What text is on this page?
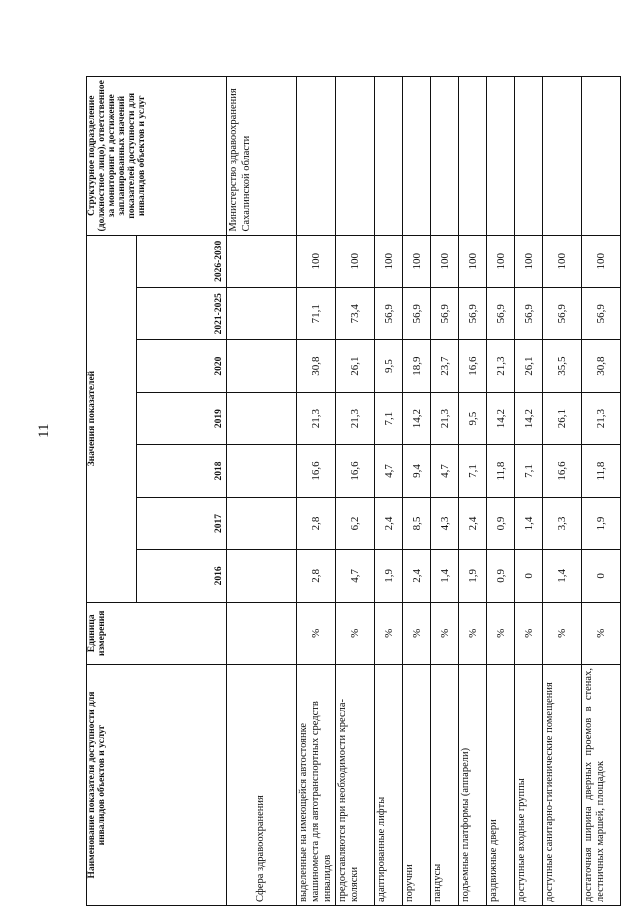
11
Наименование показателя доступности для инвалидов объектов и услуг	Единица измерения	Значения показателей							Структурное подразделение (должностное лицо), ответственное за мониторинг и достижение запланированных значений показателей доступности для инвалидов объектов и услуг
		2016	2017	2018	2019	2020	2021-2025	2026-2030	
Сфера здравоохранения									Министерство здравоохранения Сахалинской области
выделенные на имеющейся автостоянке машиноместа для автотранспортных средств инвалидов	%	2,8	2,8	16,6	21,3	30,8	71,1	100	
предоставляются при необходимости кресла-коляски	%	4,7	6,2	16,6	21,3	26,1	73,4	100	
адаптированные лифты	%	1,9	2,4	4,7	7,1	9,5	56,9	100	
поручни	%	2,4	8,5	9,4	14,2	18,9	56,9	100	
пандусы	%	1,4	4,3	4,7	21,3	23,7	56,9	100	
подъемные платформы (аппарели)	%	1,9	2,4	7,1	9,5	16,6	56,9	100	
раздвижные двери	%	0,9	0,9	11,8	14,2	21,3	56,9	100	
доступные входные группы	%	0	1,4	7,1	14,2	26,1	56,9	100	
доступные санитарно-гигиенические помещения	%	1,4	3,3	16,6	26,1	35,5	56,9	100	
достаточная ширина дверных проемов в стенах, лестничных маршей, площадок	%	0	1,9	11,8	21,3	30,8	56,9	100	
